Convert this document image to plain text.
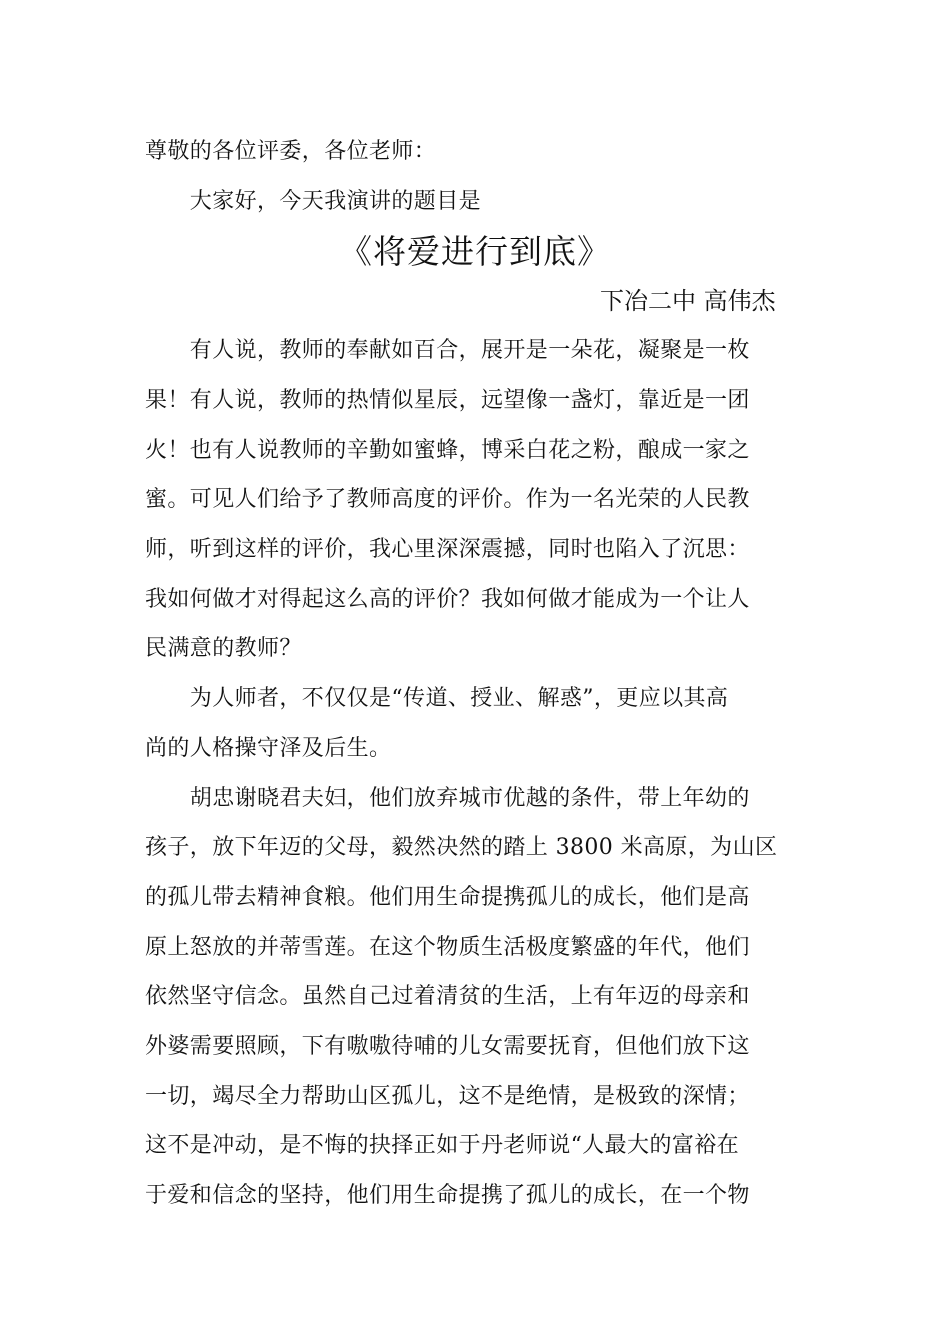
尊敬的各位评委，各位老师：
　　大家好，今天我演讲的题目是
《将爱进行到底》
下冶二中 高伟杰
　　有人说，教师的奉献如百合，展开是一朵花，凝聚是一枚
果！有人说，教师的热情似星辰，远望像一盏灯，靠近是一团
火！也有人说教师的辛勤如蜜蜂，博采白花之粉，酿成一家之
蜜。可见人们给予了教师高度的评价。作为一名光荣的人民教
师，听到这样的评价，我心里深深震撼，同时也陷入了沉思：
我如何做才对得起这么高的评价？我如何做才能成为一个让人
民满意的教师？
　　为人师者，不仅仅是“传道、授业、解惑”，更应以其高
尚的人格操守泽及后生。
　　胡忠谢晓君夫妇，他们放弃城市优越的条件，带上年幼的
孩子，放下年迈的父母，毅然决然的踏上 3800 米高原，为山区
的孤儿带去精神食粮。他们用生命提携孤儿的成长，他们是高
原上怒放的并蒂雪莲。在这个物质生活极度繁盛的年代，他们
依然坚守信念。虽然自己过着清贫的生活，上有年迈的母亲和
外婆需要照顾，下有嗷嗷待哺的儿女需要抚育，但他们放下这
一切，竭尽全力帮助山区孤儿，这不是绝情，是极致的深情；
这不是冲动，是不悔的抉择正如于丹老师说“人最大的富裕在
于爱和信念的坚持，他们用生命提携了孤儿的成长，在一个物
